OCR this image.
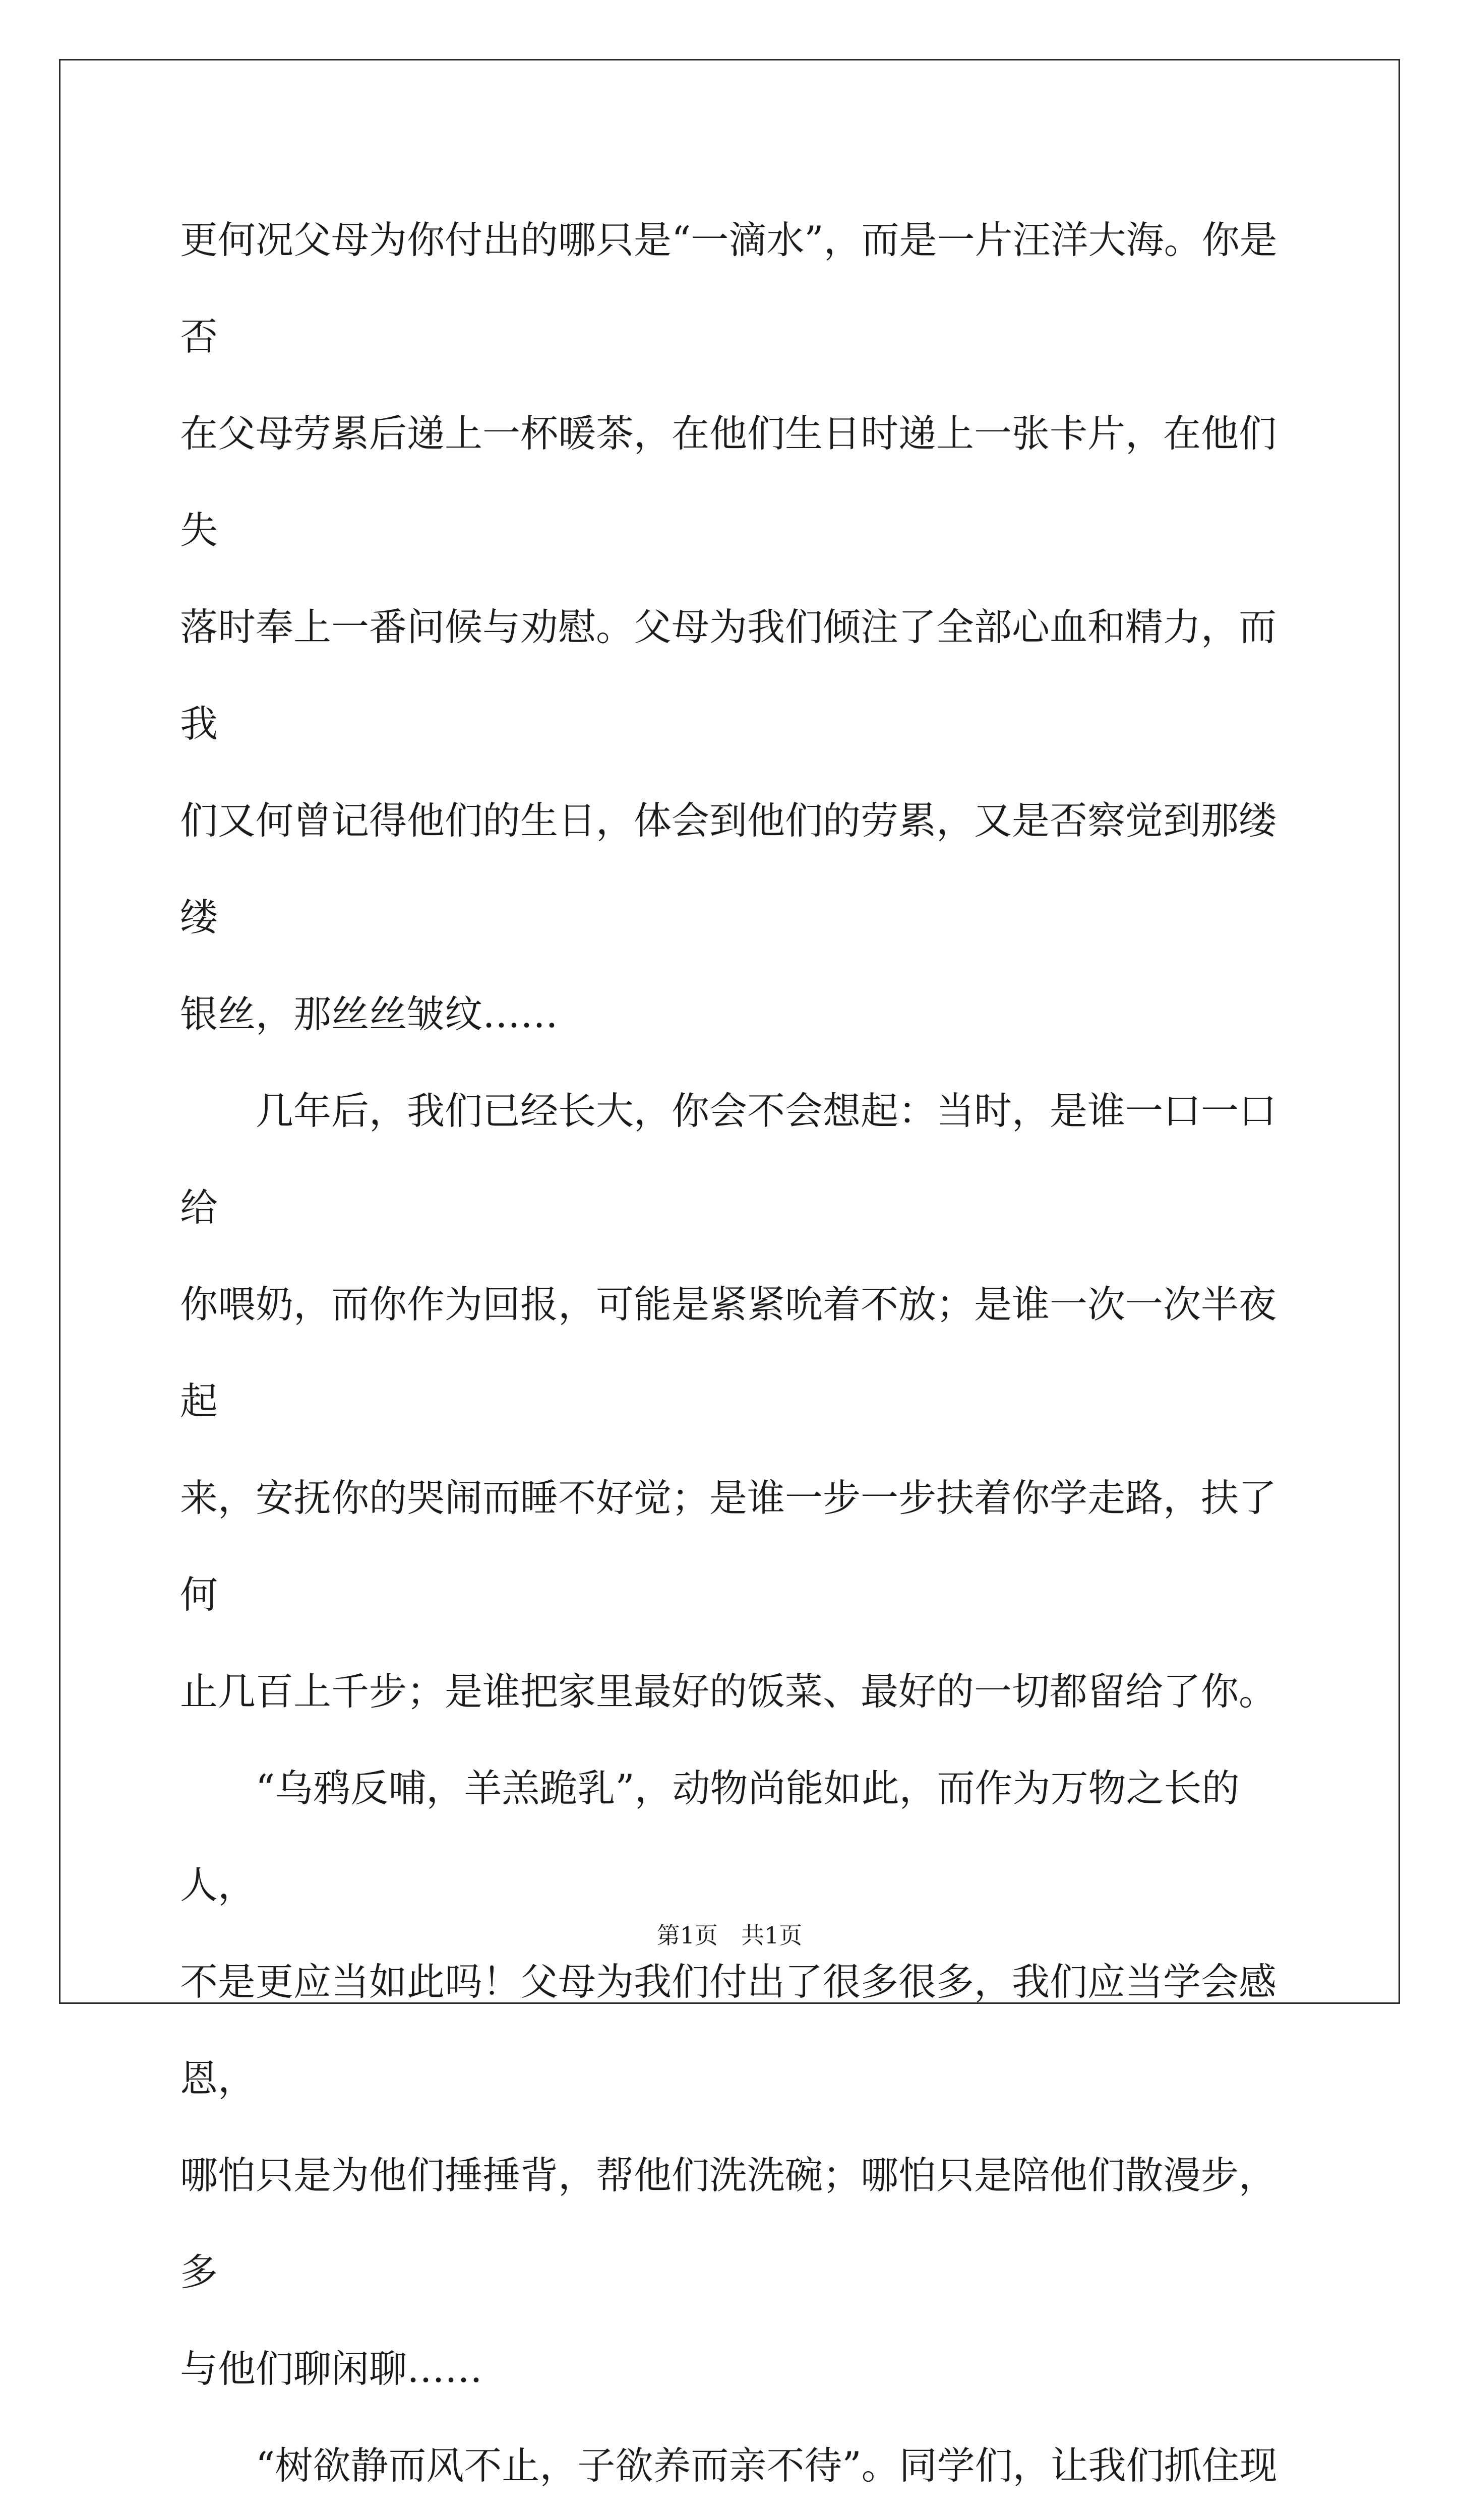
更何况父母为你付出的哪只是“一滴水”，而是一片汪洋大海。你是否

在父母劳累后递上一杯暖茶，在他们生日时递上一张卡片，在他们失

落时奉上一番问候与劝慰。父母为我们倾注了全部心血和精力，而我

们又何曾记得他们的生日，体会到他们的劳累，又是否察觉到那缕缕

银丝，那丝丝皱纹……

　　几年后，我们已经长大，你会不会想起：当时，是谁一口一口给

你喂奶，而你作为回报，可能是紧紧吮着不放；是谁一次一次半夜起

来，安抚你的哭闹而睡不好觉；是谁一步一步扶着你学走路，扶了何

止几百上千步；是谁把家里最好的饭菜、最好的一切都留给了你。

　　“乌鸦反哺，羊羔跪乳”，动物尚能如此，而作为万物之长的人，

不是更应当如此吗！父母为我们付出了很多很多，我们应当学会感恩，

哪怕只是为他们捶捶背，帮他们洗洗碗；哪怕只是陪他们散漫步，多

与他们聊闲聊……

　　“树欲静而风不止，子欲养而亲不待”。同学们，让我们抓住现

第1页　共1页
